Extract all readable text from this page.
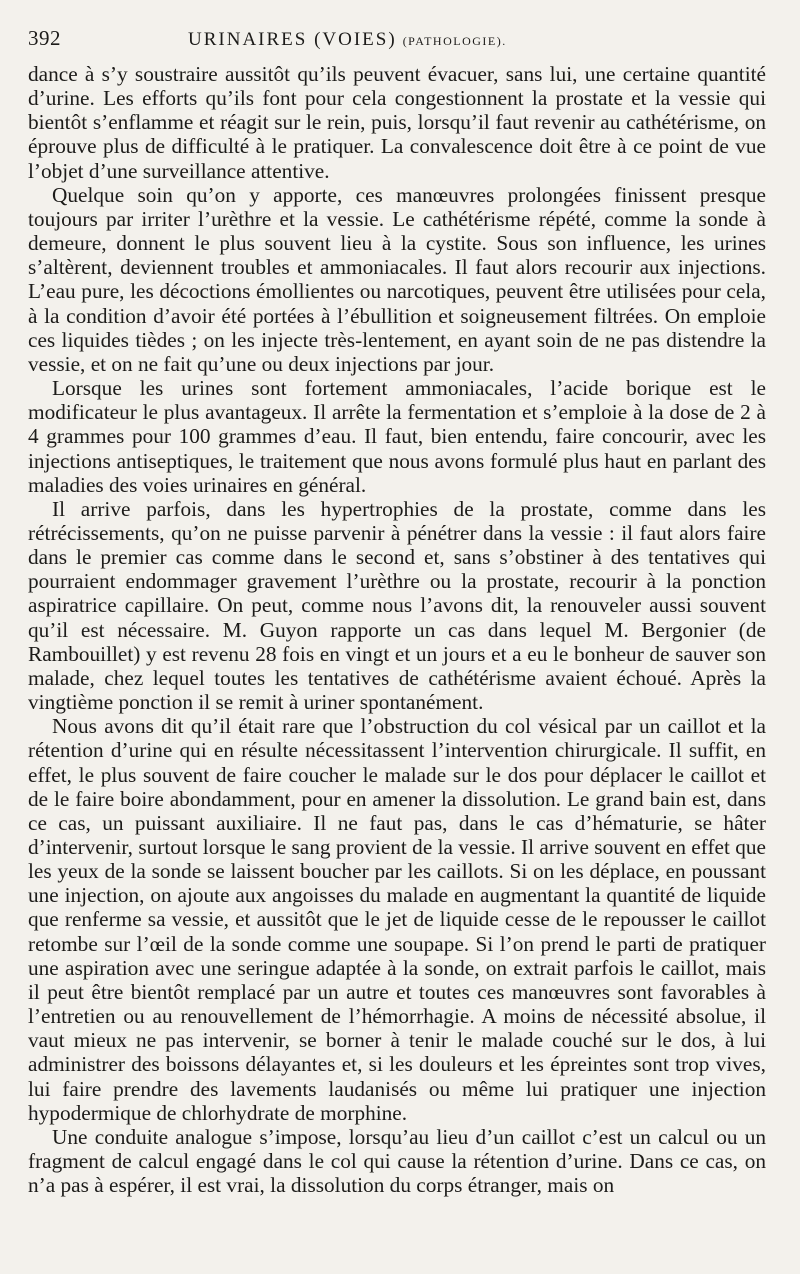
392	URINAIRES (VOIES) (PATHOLOGIE).

dance à s’y soustraire aussitôt qu’ils peuvent évacuer, sans lui, une certaine quantité d’urine. Les efforts qu’ils font pour cela congestionnent la prostate et la vessie qui bientôt s’enflamme et réagit sur le rein, puis, lorsqu’il faut revenir au cathétérisme, on éprouve plus de difficulté à le pratiquer. La convalescence doit être à ce point de vue l’objet d’une surveillance attentive.

Quelque soin qu’on y apporte, ces manœuvres prolongées finissent presque toujours par irriter l’urèthre et la vessie. Le cathétérisme répété, comme la sonde à demeure, donnent le plus souvent lieu à la cystite. Sous son influence, les urines s’altèrent, deviennent troubles et ammoniacales. Il faut alors recourir aux injections. L’eau pure, les décoctions émollientes ou narcotiques, peuvent être utilisées pour cela, à la condition d’avoir été portées à l’ébullition et soigneusement filtrées. On emploie ces liquides tièdes ; on les injecte très-lentement, en ayant soin de ne pas distendre la vessie, et on ne fait qu’une ou deux injections par jour.

Lorsque les urines sont fortement ammoniacales, l’acide borique est le modificateur le plus avantageux. Il arrête la fermentation et s’emploie à la dose de 2 à 4 grammes pour 100 grammes d’eau. Il faut, bien entendu, faire concourir, avec les injections antiseptiques, le traitement que nous avons formulé plus haut en parlant des maladies des voies urinaires en général.

Il arrive parfois, dans les hypertrophies de la prostate, comme dans les rétrécissements, qu’on ne puisse parvenir à pénétrer dans la vessie : il faut alors faire dans le premier cas comme dans le second et, sans s’obstiner à des tentatives qui pourraient endommager gravement l’urèthre ou la prostate, recourir à la ponction aspiratrice capillaire. On peut, comme nous l’avons dit, la renouveler aussi souvent qu’il est nécessaire. M. Guyon rapporte un cas dans lequel M. Bergonier (de Rambouillet) y est revenu 28 fois en vingt et un jours et a eu le bonheur de sauver son malade, chez lequel toutes les tentatives de cathétérisme avaient échoué. Après la vingtième ponction il se remit à uriner spontanément.

Nous avons dit qu’il était rare que l’obstruction du col vésical par un caillot et la rétention d’urine qui en résulte nécessitassent l’intervention chirurgicale. Il suffit, en effet, le plus souvent de faire coucher le malade sur le dos pour déplacer le caillot et de le faire boire abondamment, pour en amener la dissolution. Le grand bain est, dans ce cas, un puissant auxiliaire. Il ne faut pas, dans le cas d’hématurie, se hâter d’intervenir, surtout lorsque le sang provient de la vessie. Il arrive souvent en effet que les yeux de la sonde se laissent boucher par les caillots. Si on les déplace, en poussant une injection, on ajoute aux angoisses du malade en augmentant la quantité de liquide que renferme sa vessie, et aussitôt que le jet de liquide cesse de le repousser le caillot retombe sur l’œil de la sonde comme une soupape. Si l’on prend le parti de pratiquer une aspiration avec une seringue adaptée à la sonde, on extrait parfois le caillot, mais il peut être bientôt remplacé par un autre et toutes ces manœuvres sont favorables à l’entretien ou au renouvellement de l’hémorrhagie. A moins de nécessité absolue, il vaut mieux ne pas intervenir, se borner à tenir le malade couché sur le dos, à lui administrer des boissons délayantes et, si les douleurs et les épreintes sont trop vives, lui faire prendre des lavements laudanisés ou même lui pratiquer une injection hypodermique de chlorhydrate de morphine.

Une conduite analogue s’impose, lorsqu’au lieu d’un caillot c’est un calcul ou un fragment de calcul engagé dans le col qui cause la rétention d’urine. Dans ce cas, on n’a pas à espérer, il est vrai, la dissolution du corps étranger, mais on
